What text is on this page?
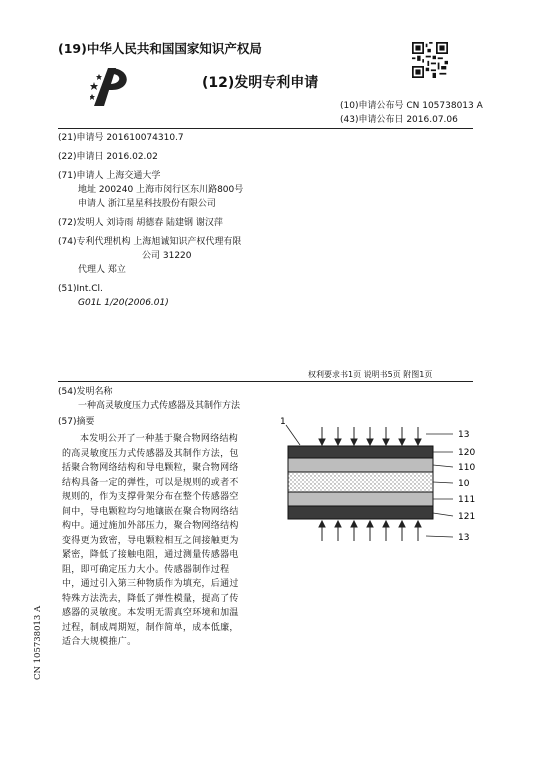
(19)中华人民共和国国家知识产权局
(12)发明专利申请
(10)申请公布号 CN 105738013 A
(43)申请公布日 2016.07.06
(21)申请号 201610074310.7
(22)申请日 2016.02.02
(71)申请人 上海交通大学
地址 200240 上海市闵行区东川路800号
申请人 浙江星星科技股份有限公司
(72)发明人 刘诗雨 胡德春 陆建钢 谢汉萍
(74)专利代理机构 上海旭诚知识产权代理有限
公司 31220
代理人 郑立
(51)Int.Cl.
G01L 1/20(2006.01)
权利要求书1页 说明书5页 附图1页
(54)发明名称
一种高灵敏度压力式传感器及其制作方法
(57)摘要
本发明公开了一种基于聚合物网络结构的高灵敏度压力式传感器及其制作方法，包括聚合物网络结构和导电颗粒，聚合物网络结构具备一定的弹性，可以是规则的或者不规则的，作为支撑骨架分布在整个传感器空间中，导电颗粒均匀地镶嵌在聚合物网络结构中。通过施加外部压力，聚合物网络结构变得更为致密，导电颗粒相互之间接触更为紧密，降低了接触电阻，通过测量传感器电阻，即可确定压力大小。传感器制作过程中，通过引入第三种物质作为填充，后通过特殊方法洗去，降低了弹性模量，提高了传感器的灵敏度。本发明无需真空环境和加温过程，制成周期短，制作简单，成本低廉，适合大规模推广。
1
13
120
110
10
111
121
13
CN 105738013 A
